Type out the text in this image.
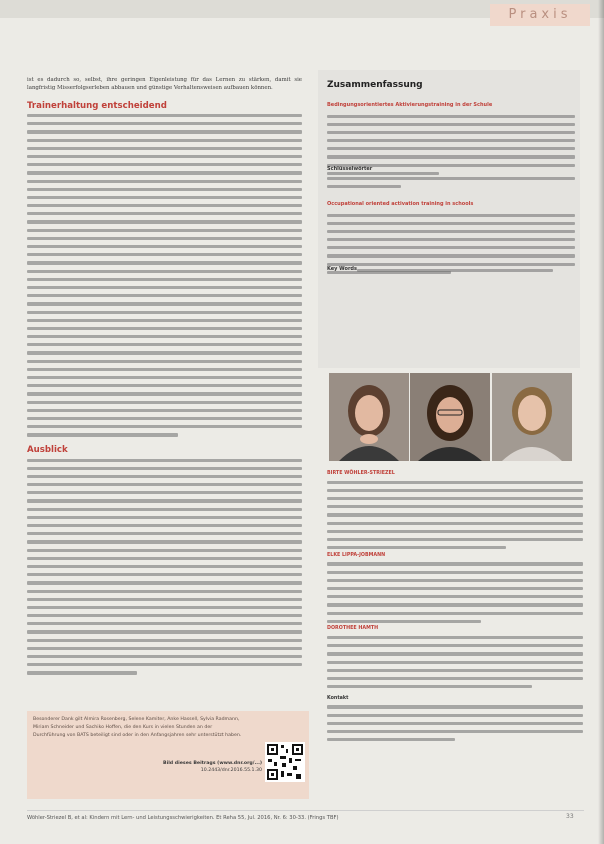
Praxis

ist es dadurch so, selbst, ihre geringen Eigenleistung für das Lernen zu stärken, damit sie langfristig Misserfolgserleben abbauen und günstige Verhaltensweisen aufbauen können.

Trainerhaltung entscheidend

Ausblick

Besonderer Dank gilt Almira Rosenberg, Selene Kamiter, Anke Hassell, Sylvia Radmann, Miriam Schneider und Sachiko Hoffen, die den Kurs in vielen Stunden an der Durchführung von BATS beteiligt sind oder in den Anfangsjahren sehr unterstützt haben.

Bild dieses Beitrags (www.dnr.org/...)
10.2443/dnr.2016.55.1.30

Zusammenfassung

Bedingungsorientiertes Aktivierungstraining in der Schule

Schlüsselwörter

Occupational oriented activation training in schools

Key Words

BIRTE WÖHLER-STRIEZEL
ELKE LIPPA-JOBMANN
DOROTHEE HAMTH
Kontakt
Wöhler-Striezel B, et al: Kindern mit Lern- und Leistungsschwierigkeiten. Et Reha 55, Jul. 2016, Nr. 6: 30-33. (Frings TBF)	33
